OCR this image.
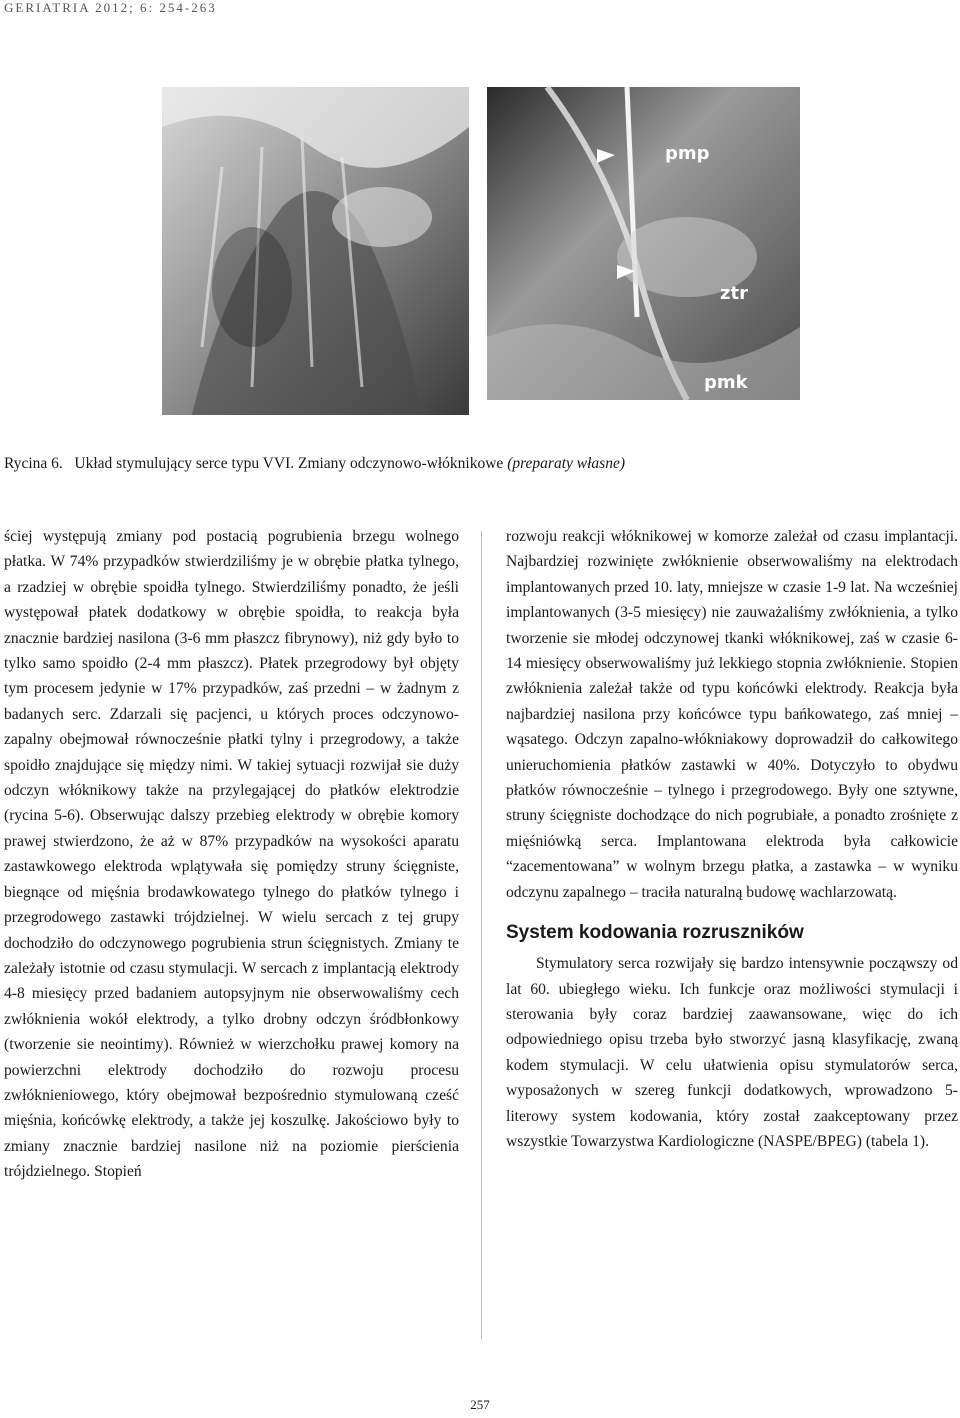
GERIATRIA 2012; 6: 254-263
pmp
ztr
pmk
Rycina 6. Układ stymulujący serce typu VVI. Zmiany odczynowo-włóknikowe (preparaty własne)

ściej występują zmiany pod postacią pogrubienia brzegu wolnego płatka. W 74% przypadków stwierdziliśmy je w obrębie płatka tylnego, a rzadziej w obrębie spoidła tylnego. Stwierdziliśmy ponadto, że jeśli występował płatek dodatkowy w obrębie spoidła, to reakcja była znacznie bardziej nasilona (3-6 mm płaszcz fibrynowy), niż gdy było to tylko samo spoidło (2-4 mm płaszcz). Płatek przegrodowy był objęty tym procesem jedynie w 17% przypadków, zaś przedni – w żadnym z badanych serc. Zdarzali się pacjenci, u których proces odczynowo-zapalny obejmował równocześnie płatki tylny i przegrodowy, a także spoidło znajdujące się między nimi. W takiej sytuacji rozwijał sie duży odczyn włóknikowy także na przylegającej do płatków elektrodzie (rycina 5-6). Obserwując dalszy przebieg elektrody w obrębie komory prawej stwierdzono, że aż w 87% przypadków na wysokości aparatu zastawkowego elektroda wplątywała się pomiędzy struny ścięgniste, biegnące od mięśnia brodawkowatego tylnego do płatków tylnego i przegrodowego zastawki trójdzielnej. W wielu sercach z tej grupy dochodziło do odczynowego pogrubienia strun ścięgnistych. Zmiany te zależały istotnie od czasu stymulacji. W sercach z implantacją elektrody 4-8 miesięcy przed badaniem autopsyjnym nie obserwowaliśmy cech zwłóknienia wokół elektrody, a tylko drobny odczyn śródbłonkowy (tworzenie sie neointimy). Również w wierzchołku prawej komory na powierzchni elektrody dochodziło do rozwoju procesu zwłóknieniowego, który obejmował bezpośrednio stymulowaną cześć mięśnia, końcówkę elektrody, a także jej koszulkę. Jakościowo były to zmiany znacznie bardziej nasilone niż na poziomie pierścienia trójdzielnego. Stopień

rozwoju reakcji włóknikowej w komorze zależał od czasu implantacji. Najbardziej rozwinięte zwłóknienie obserwowaliśmy na elektrodach implantowanych przed 10. laty, mniejsze w czasie 1-9 lat. Na wcześniej implantowanych (3-5 miesięcy) nie zauważaliśmy zwłóknienia, a tylko tworzenie sie młodej odczynowej tkanki włóknikowej, zaś w czasie 6-14 miesięcy obserwowaliśmy już lekkiego stopnia zwłóknienie. Stopien zwłóknienia zależał także od typu końcówki elektrody. Reakcja była najbardziej nasilona przy końcówce typu bańkowatego, zaś mniej – wąsatego. Odczyn zapalno-włókniakowy doprowadził do całkowitego unieruchomienia płatków zastawki w 40%. Dotyczyło to obydwu płatków równocześnie – tylnego i przegrodowego. Były one sztywne, struny ścięgniste dochodzące do nich pogrubiałe, a ponadto zrośnięte z mięśniówką serca. Implantowana elektroda była całkowicie “zacementowana” w wolnym brzegu płatka, a zastawka – w wyniku odczynu zapalnego – traciła naturalną budowę wachlarzowatą.

System kodowania rozruszników

Stymulatory serca rozwijały się bardzo intensywnie począwszy od lat 60. ubiegłego wieku. Ich funkcje oraz możliwości stymulacji i sterowania były coraz bardziej zaawansowane, więc do ich odpowiedniego opisu trzeba było stworzyć jasną klasyfikację, zwaną kodem stymulacji. W celu ułatwienia opisu stymulatorów serca, wyposażonych w szereg funkcji dodatkowych, wprowadzono 5-literowy system kodowania, który został zaakceptowany przez wszystkie Towarzystwa Kardiologiczne (NASPE/BPEG) (tabela 1).

257
